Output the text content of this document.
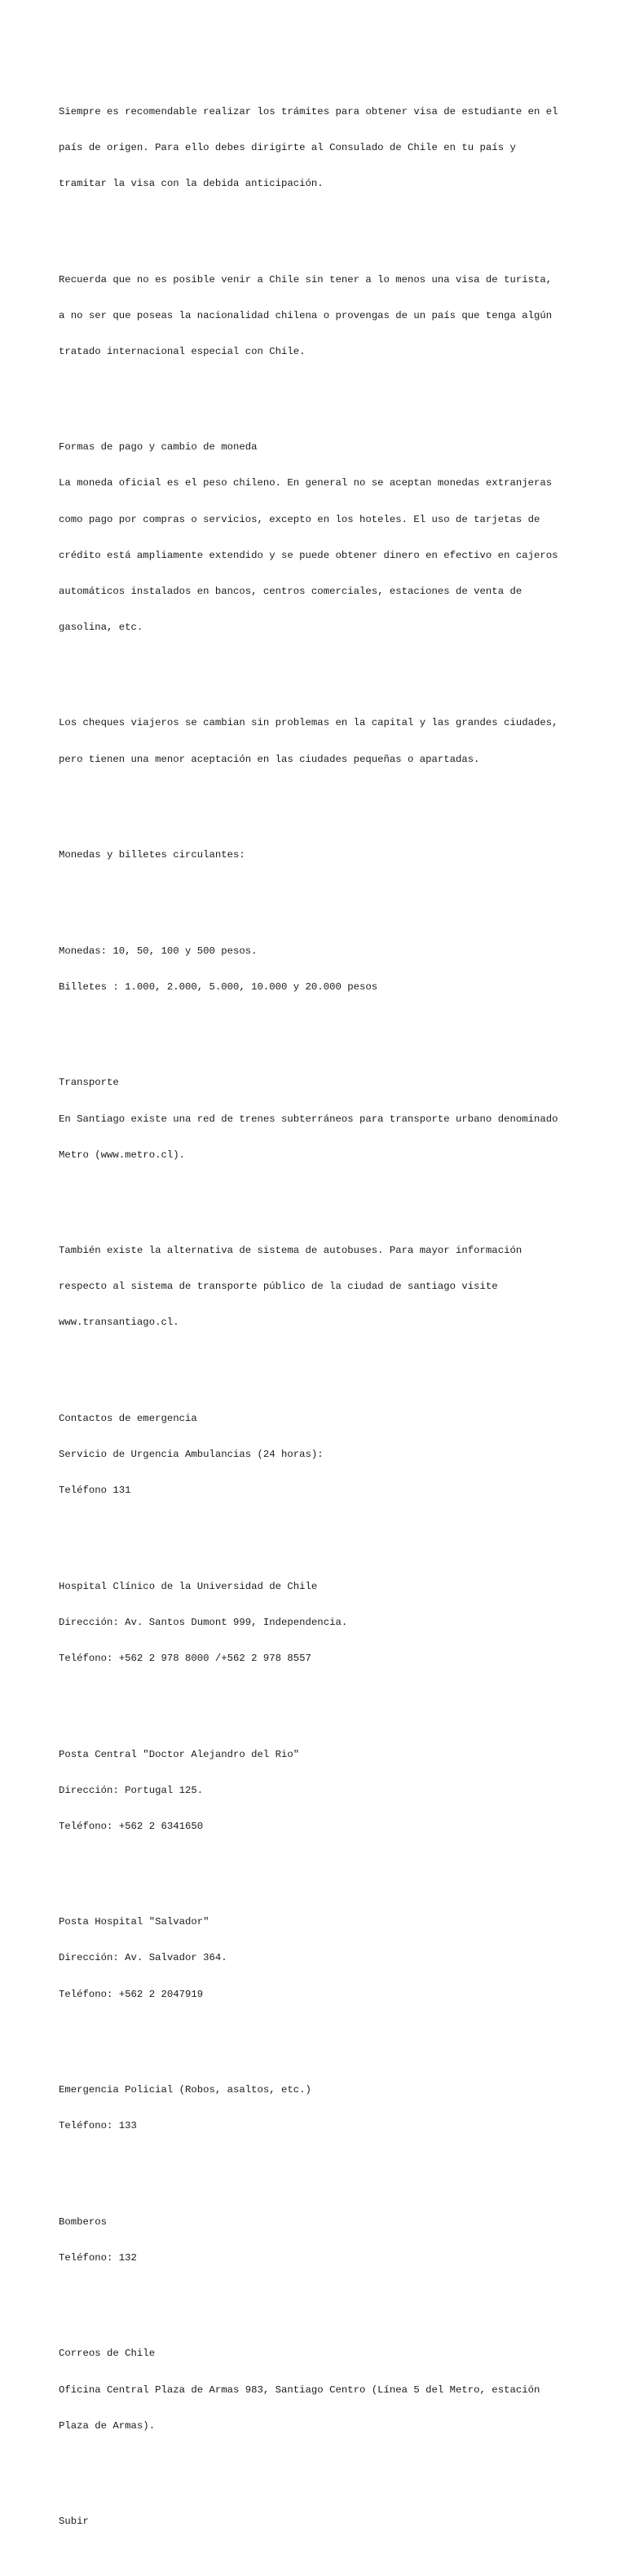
Siempre es recomendable realizar los trámites para obtener visa de estudiante en el

país de origen. Para ello debes dirigirte al Consulado de Chile en tu país y

tramitar la visa con la debida anticipación.

Recuerda que no es posible venir a Chile sin tener a lo menos una visa de turista,

a no ser que poseas la nacionalidad chilena o provengas de un país que tenga algún

tratado internacional especial con Chile.

Formas de pago y cambio de moneda

La moneda oficial es el peso chileno. En general no se aceptan monedas extranjeras

como pago por compras o servicios, excepto en los hoteles. El uso de tarjetas de

crédito está ampliamente extendido y se puede obtener dinero en efectivo en cajeros

automáticos instalados en bancos, centros comerciales, estaciones de venta de

gasolina, etc.

Los cheques viajeros se cambian sin problemas en la capital y las grandes ciudades,

pero tienen una menor aceptación en las ciudades pequeñas o apartadas.

Monedas y billetes circulantes:

Monedas: 10, 50, 100 y 500 pesos.

Billetes : 1.000, 2.000, 5.000, 10.000 y 20.000 pesos

Transporte

En Santiago existe una red de trenes subterráneos para transporte urbano denominado

Metro (www.metro.cl).

También existe la alternativa de sistema de autobuses. Para mayor información

respecto al sistema de transporte público de la ciudad de santiago visite

www.transantiago.cl.

Contactos de emergencia

Servicio de Urgencia Ambulancias (24 horas):

Teléfono 131

Hospital Clínico de la Universidad de Chile

Dirección: Av. Santos Dumont 999, Independencia.

Teléfono: +562 2 978 8000 /+562 2 978 8557

Posta Central "Doctor Alejandro del Rio"

Dirección: Portugal 125.

Teléfono: +562 2 6341650

Posta Hospital "Salvador"

Dirección: Av. Salvador 364.

Teléfono: +562 2 2047919

Emergencia Policial (Robos, asaltos, etc.)

Teléfono: 133

Bomberos

Teléfono: 132

Correos de Chile

Oficina Central Plaza de Armas 983, Santiago Centro (Línea 5 del Metro, estación

Plaza de Armas).

Subir
